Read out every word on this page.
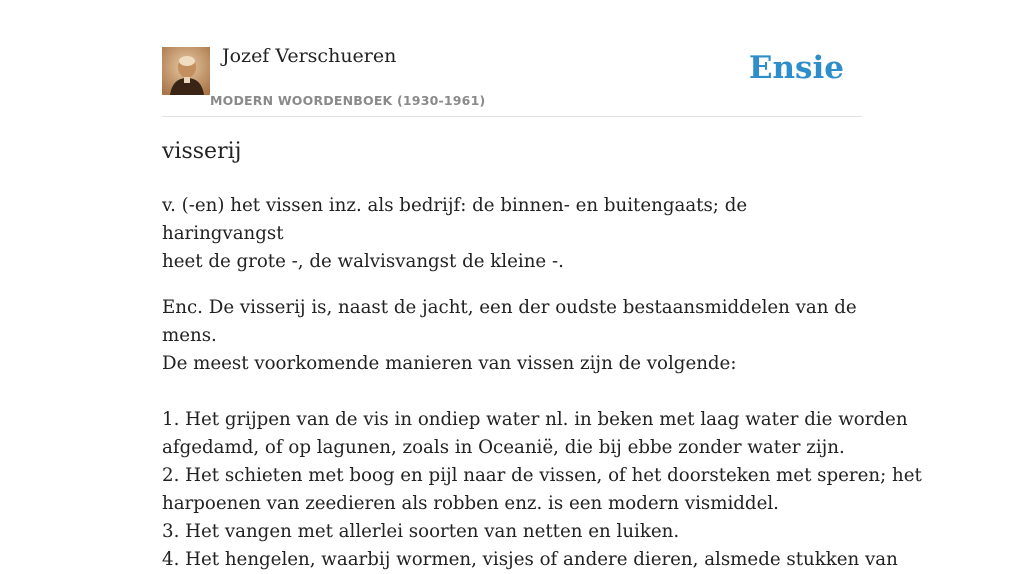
Jozef Verschueren
MODERN WOORDENBOEK (1930-1961)
Ensie
visserij

v. (-en) het vissen inz. als bedrijf: de binnen- en buitengaats; de haringvangst
heet de grote -, de walvisvangst de kleine -.

Enc. De visserij is, naast de jacht, een der oudste bestaansmiddelen van de mens.
De meest voorkomende manieren van vissen zijn de volgende:

1. Het grijpen van de vis in ondiep water nl. in beken met laag water die worden
afgedamd, of op lagunen, zoals in Oceanië, die bij ebbe zonder water zijn.
2. Het schieten met boog en pijl naar de vissen, of het doorsteken met speren; het
harpoenen van zeedieren als robben enz. is een modern vismiddel.
3. Het vangen met allerlei soorten van netten en luiken.
4. Het hengelen, waarbij wormen, visjes of andere dieren, alsmede stukken van
